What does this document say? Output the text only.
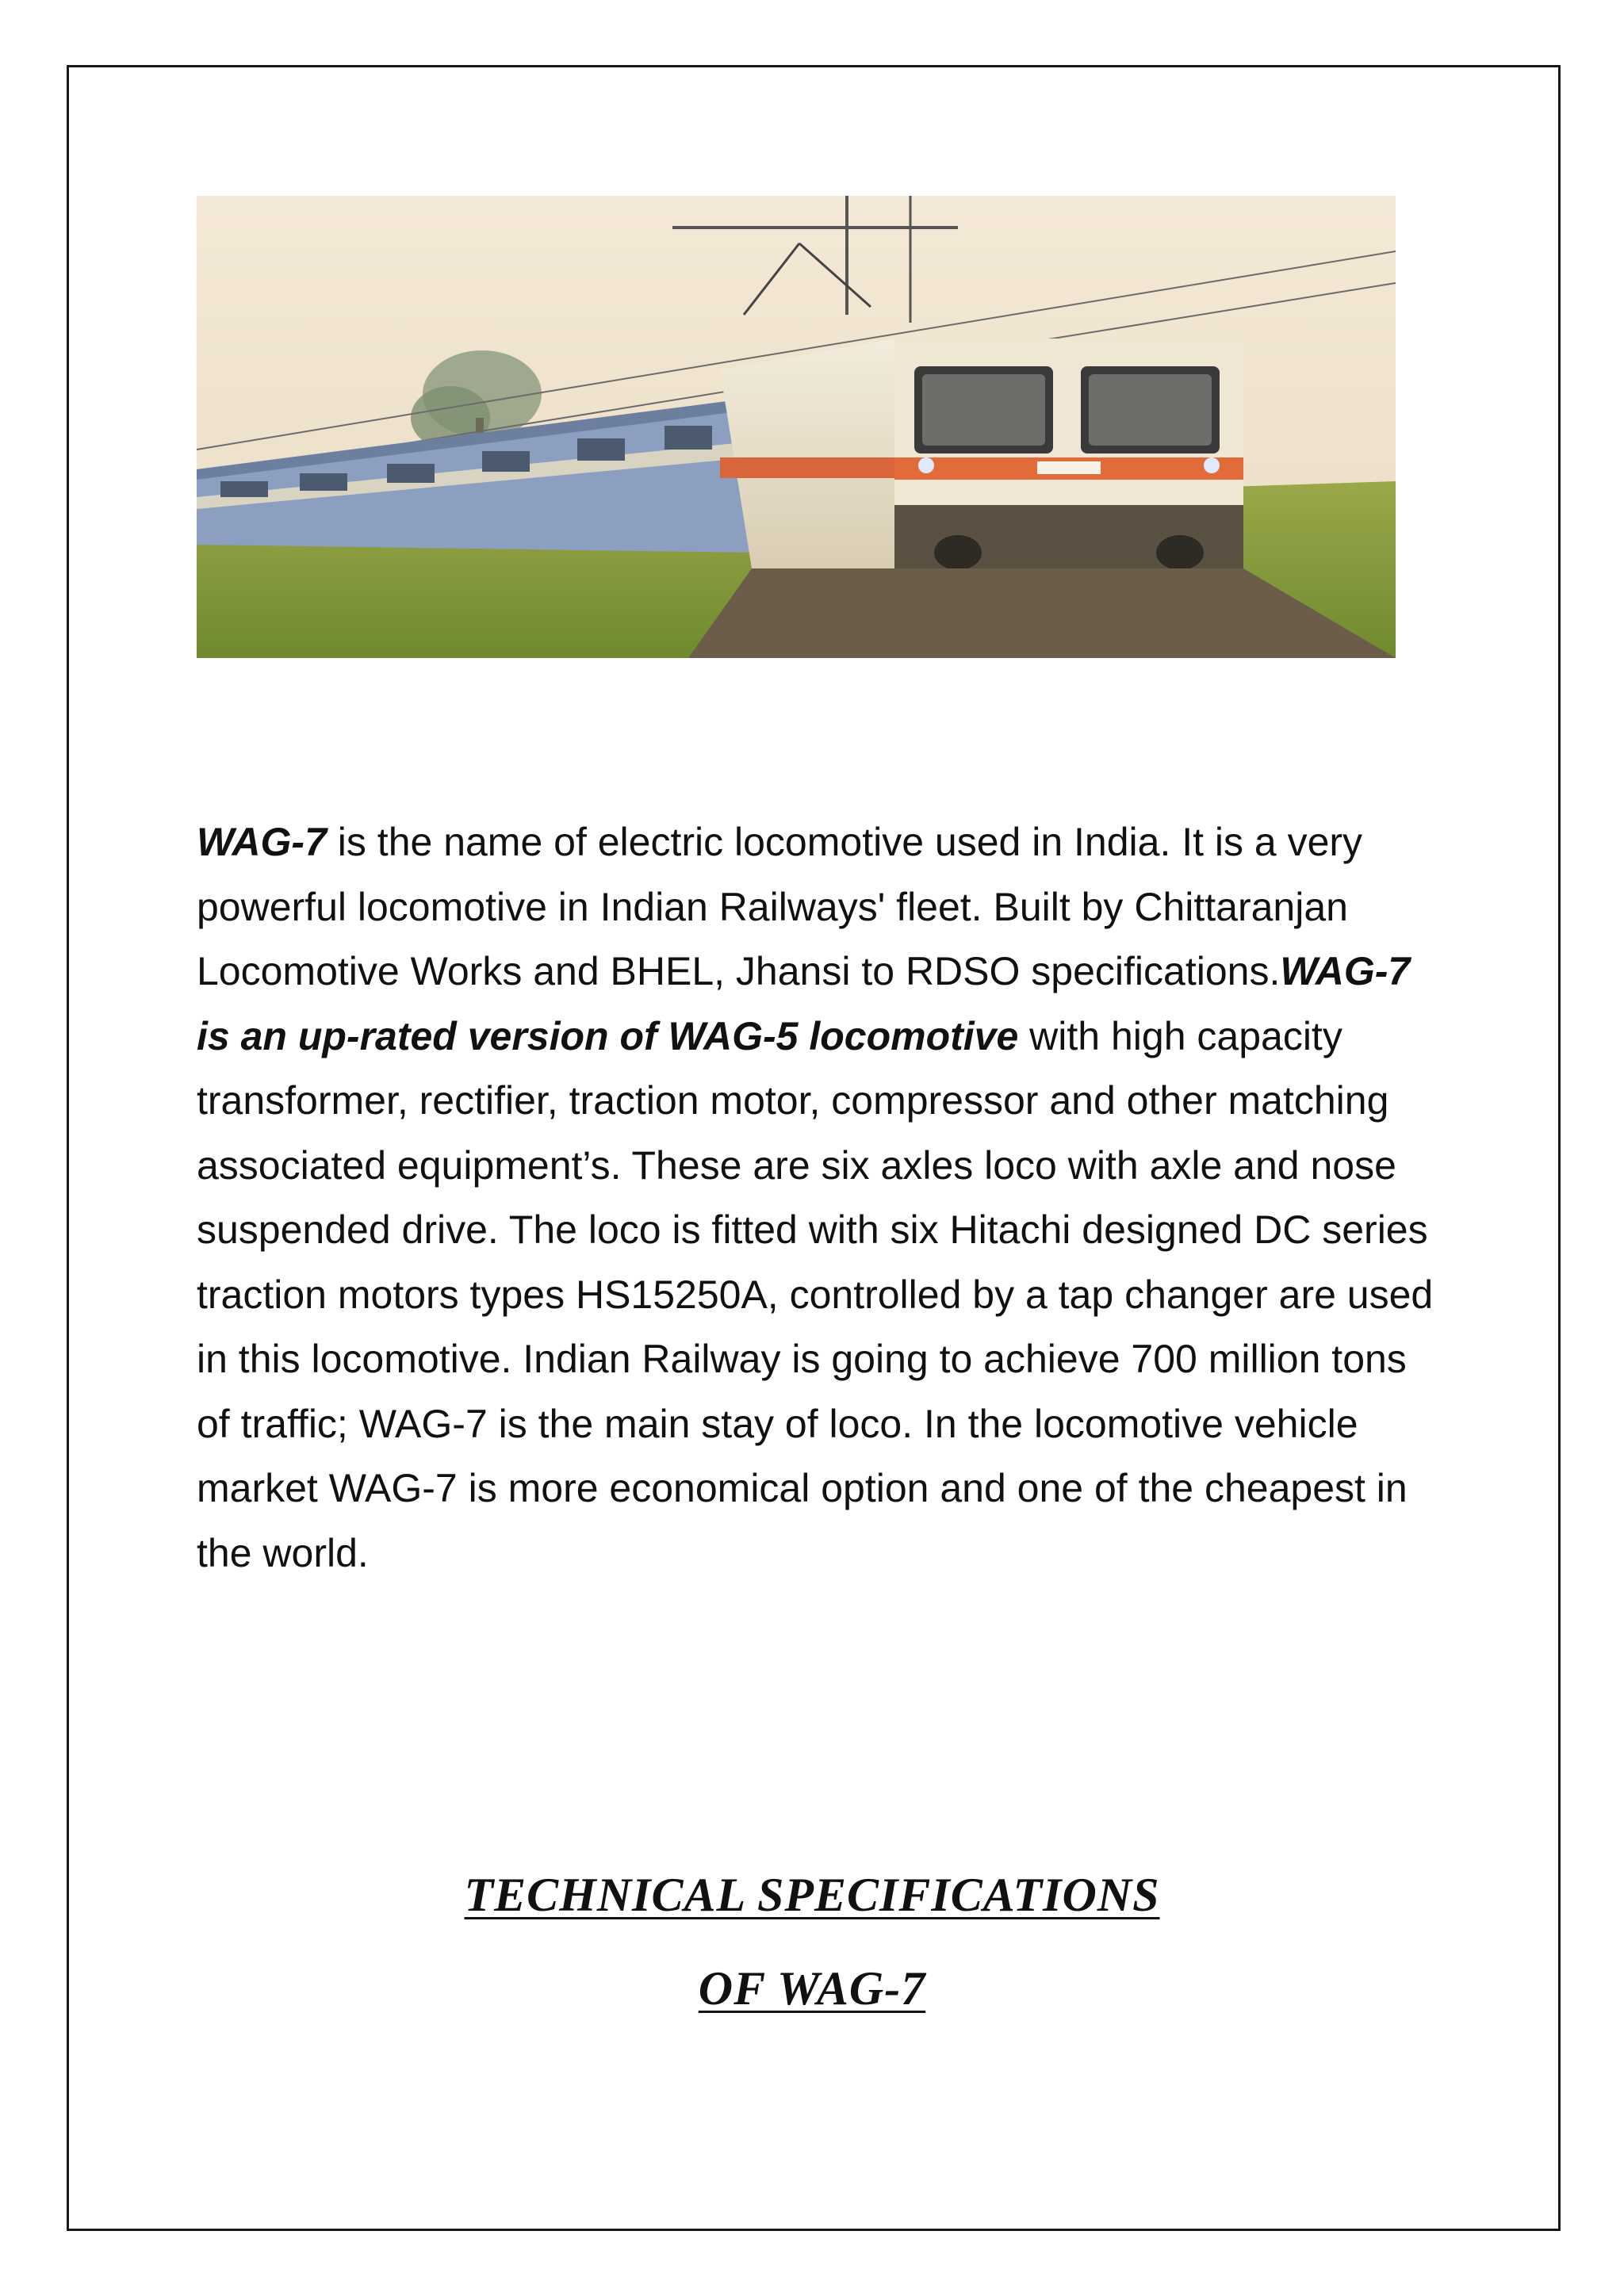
WAG-7 is the name of electric locomotive used in India. It is a very powerful locomotive in Indian Railways' fleet. Built by Chittaranjan Locomotive Works and BHEL, Jhansi to RDSO specifications.WAG-7 is an up-rated version of WAG-5 locomotive with high capacity transformer, rectifier, traction motor, compressor and other matching associated equipment’s. These are six axles loco with axle and nose suspended drive. The loco is fitted with six Hitachi designed DC series traction motors types HS15250A, controlled by a tap changer are used in this locomotive. Indian Railway is going to achieve 700 million tons of traffic; WAG-7 is the main stay of loco. In the locomotive vehicle market WAG-7 is more economical option and one of the cheapest in the world.

TECHNICAL SPECIFICATIONS
OF WAG-7
